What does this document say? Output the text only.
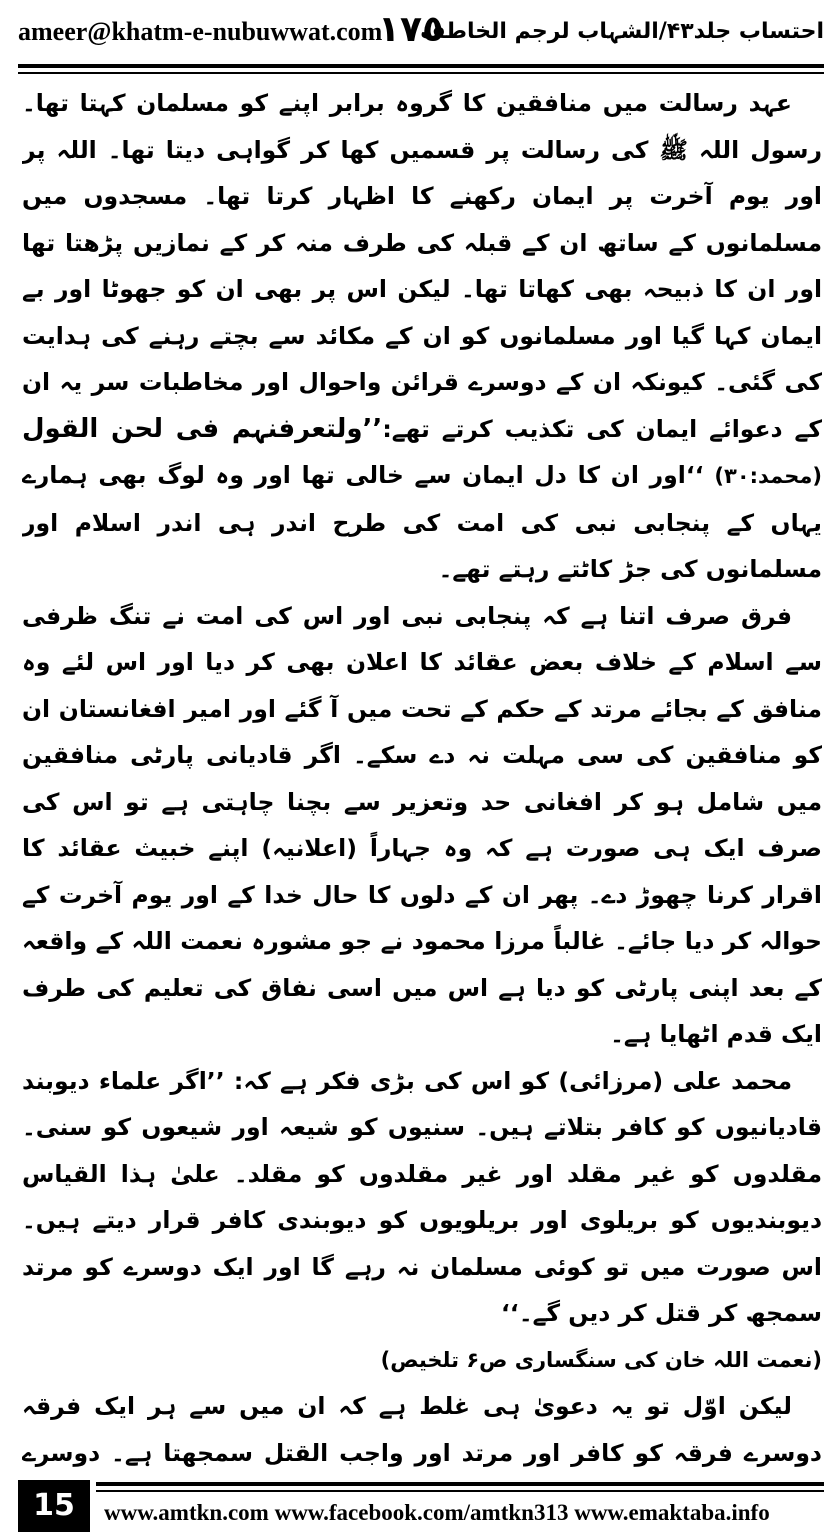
ameer@khatm-e-nubuwwat.com
١٧٥
احتساب جلد۴۳/الشہاب لرجم الخاطف

عہد رسالت میں منافقین کا گروہ برابر اپنے کو مسلمان کہتا تھا۔ رسول اللہ ﷺ کی رسالت پر قسمیں کھا کر گواہی دیتا تھا۔ اللہ پر اور یوم آخرت پر ایمان رکھنے کا اظہار کرتا تھا۔ مسجدوں میں مسلمانوں کے ساتھ ان کے قبلہ کی طرف منہ کر کے نمازیں پڑھتا تھا اور ان کا ذبیحہ بھی کھاتا تھا۔ لیکن اس پر بھی ان کو جھوٹا اور بے ایمان کہا گیا اور مسلمانوں کو ان کے مکائد سے بچتے رہنے کی ہدایت کی گئی۔ کیونکہ ان کے دوسرے قرائن واحوال اور مخاطبات سر یہ ان کے دعوائے ایمان کی تکذیب کرتے تھے:’’ولتعرفنہم فی لحن القول (محمد:۳۰) ‘‘اور ان کا دل ایمان سے خالی تھا اور وہ لوگ بھی ہمارے یہاں کے پنجابی نبی کی امت کی طرح اندر ہی اندر اسلام اور مسلمانوں کی جڑ کاٹتے رہتے تھے۔

فرق صرف اتنا ہے کہ پنجابی نبی اور اس کی امت نے تنگ ظرفی سے اسلام کے خلاف بعض عقائد کا اعلان بھی کر دیا اور اس لئے وہ منافق کے بجائے مرتد کے حکم کے تحت میں آ گئے اور امیر افغانستان ان کو منافقین کی سی مہلت نہ دے سکے۔ اگر قادیانی پارٹی منافقین میں شامل ہو کر افغانی حد وتعزیر سے بچنا چاہتی ہے تو اس کی صرف ایک ہی صورت ہے کہ وہ جہاراً (اعلانیہ) اپنے خبیث عقائد کا اقرار کرنا چھوڑ دے۔ پھر ان کے دلوں کا حال خدا کے اور یوم آخرت کے حوالہ کر دیا جائے۔ غالباً مرزا محمود نے جو مشورہ نعمت اللہ کے واقعہ کے بعد اپنی پارٹی کو دیا ہے اس میں اسی نفاق کی تعلیم کی طرف ایک قدم اٹھایا ہے۔

محمد علی (مرزائی) کو اس کی بڑی فکر ہے کہ: ’’اگر علماء دیوبند قادیانیوں کو کافر بتلاتے ہیں۔ سنیوں کو شیعہ اور شیعوں کو سنی۔ مقلدوں کو غیر مقلد اور غیر مقلدوں کو مقلد۔ علیٰ ہذا القیاس دیوبندیوں کو بریلوی اور بریلویوں کو دیوبندی کافر قرار دیتے ہیں۔ اس صورت میں تو کوئی مسلمان نہ رہے گا اور ایک دوسرے کو مرتد سمجھ کر قتل کر دیں گے۔‘‘

(نعمت اللہ خان کی سنگساری ص۶ تلخیص)

لیکن اوّل تو یہ دعویٰ ہی غلط ہے کہ ان میں سے ہر ایک فرقہ دوسرے فرقہ کو کافر اور مرتد اور واجب القتل سمجھتا ہے۔ دوسرے

15	www.amtkn.com www.facebook.com/amtkn313 www.emaktaba.info
